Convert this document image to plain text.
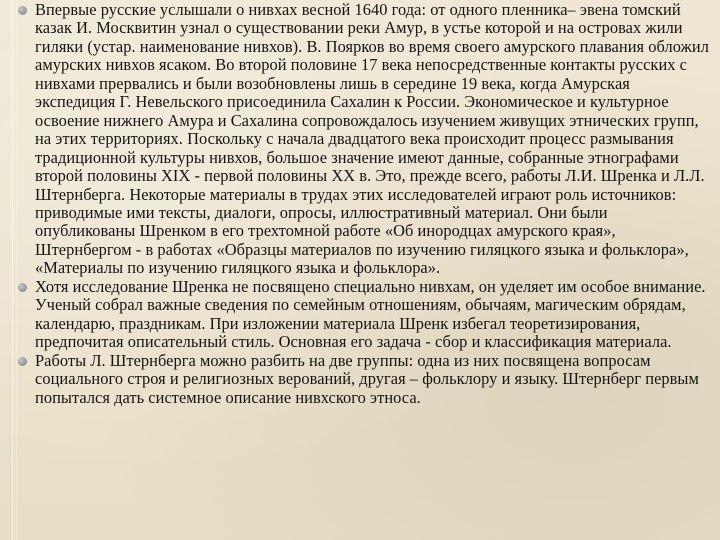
Впервые русские услышали о нивхах весной 1640 года: от одного пленника– эвена томский казак И. Москвитин узнал о существовании реки Амур, в устье которой и на островах жили гиляки (устар. наименование нивхов). В. Поярков во время своего амурского плавания обложил амурских нивхов ясаком. Во второй половине 17 века непосредственные контакты русских с нивхами прервались и были возобновлены лишь в середине 19 века, когда Амурская экспедиция Г. Невельского присоединила Сахалин к России. Экономическое и культурное освоение нижнего Амура и Сахалина сопровождалось изучением живущих этнических групп, на этих территориях. Поскольку с начала двадцатого века происходит процесс размывания традиционной культуры нивхов, большое значение имеют данные, собранные этнографами второй половины XIX - первой половины XX в. Это, прежде всего, работы Л.И. Шренка и Л.Л. Штернберга. Некоторые материалы в трудах этих исследователей играют роль источников: приводимые ими тексты, диалоги, опросы, иллюстративный материал. Они были опубликованы Шренком в его трехтомной работе «Об инородцах амурского края», Штернбергом - в работах «Образцы материалов по изучению гиляцкого языка и фольклора», «Материалы по изучению гиляцкого языка и фольклора».

Хотя исследование Шренка не посвящено специально нивхам, он уделяет им особое внимание. Ученый собрал важные сведения по семейным отношениям, обычаям, магическим обрядам, календарю, праздникам. При изложении материала Шренк избегал теоретизирования, предпочитая описательный стиль. Основная его задача - сбор и классификация материала.

Работы Л. Штернберга можно разбить на две группы: одна из них посвящена вопросам социального строя и религиозных верований, другая – фольклору и языку. Штернберг первым попытался дать системное описание нивхского этноса.
